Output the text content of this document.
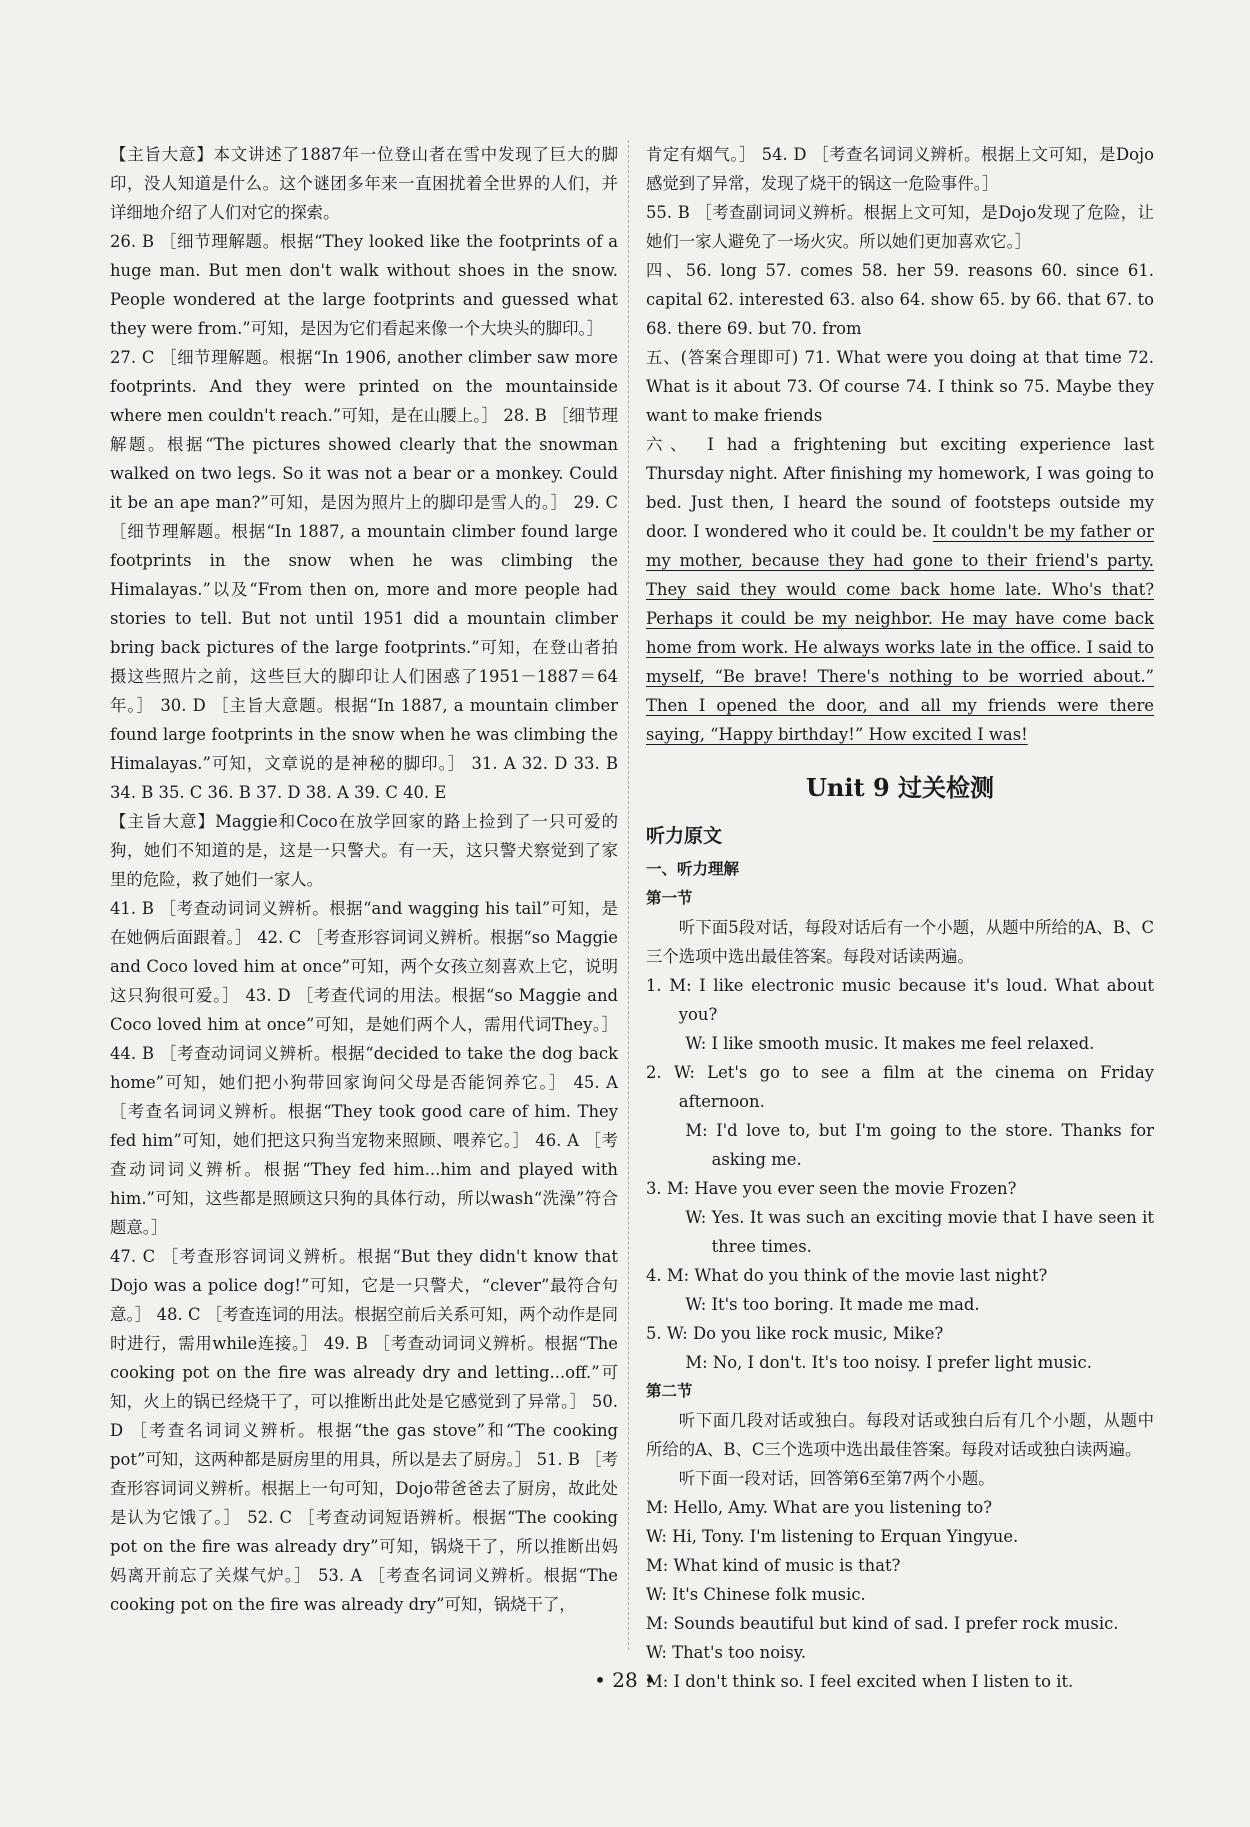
【主旨大意】本文讲述了1887年一位登山者在雪中发现了巨大的脚印，没人知道是什么。这个谜团多年来一直困扰着全世界的人们，并详细地介绍了人们对它的探索。

26. B ［细节理解题。根据“They looked like the footprints of a huge man. But men don't walk without shoes in the snow. People wondered at the large footprints and guessed what they were from.”可知，是因为它们看起来像一个大块头的脚印。］

27. C ［细节理解题。根据“In 1906, another climber saw more footprints. And they were printed on the mountainside where men couldn't reach.”可知，是在山腰上。］ 28. B ［细节理解题。根据“The pictures showed clearly that the snowman walked on two legs. So it was not a bear or a monkey. Could it be an ape man?”可知，是因为照片上的脚印是雪人的。］ 29. C ［细节理解题。根据“In 1887, a mountain climber found large footprints in the snow when he was climbing the Himalayas.”以及“From then on, more and more people had stories to tell. But not until 1951 did a mountain climber bring back pictures of the large footprints.”可知，在登山者拍摄这些照片之前，这些巨大的脚印让人们困惑了1951－1887＝64年。］ 30. D ［主旨大意题。根据“In 1887, a mountain climber found large footprints in the snow when he was climbing the Himalayas.”可知，文章说的是神秘的脚印。］ 31. A 32. D 33. B 34. B 35. C 36. B 37. D 38. A 39. C 40. E

【主旨大意】Maggie和Coco在放学回家的路上捡到了一只可爱的狗，她们不知道的是，这是一只警犬。有一天，这只警犬察觉到了家里的危险，救了她们一家人。

41. B ［考查动词词义辨析。根据“and wagging his tail”可知，是在她俩后面跟着。］ 42. C ［考查形容词词义辨析。根据“so Maggie and Coco loved him at once”可知，两个女孩立刻喜欢上它，说明这只狗很可爱。］ 43. D ［考查代词的用法。根据“so Maggie and Coco loved him at once”可知，是她们两个人，需用代词They。］ 44. B ［考查动词词义辨析。根据“decided to take the dog back home”可知，她们把小狗带回家询问父母是否能饲养它。］ 45. A ［考查名词词义辨析。根据“They took good care of him. They fed him”可知，她们把这只狗当宠物来照顾、喂养它。］ 46. A ［考查动词词义辨析。根据“They fed him...him and played with him.”可知，这些都是照顾这只狗的具体行动，所以wash“洗澡”符合题意。］

47. C ［考查形容词词义辨析。根据“But they didn't know that Dojo was a police dog!”可知，它是一只警犬，“clever”最符合句意。］ 48. C ［考查连词的用法。根据空前后关系可知，两个动作是同时进行，需用while连接。］ 49. B ［考查动词词义辨析。根据“The cooking pot on the fire was already dry and letting...off.”可知，火上的锅已经烧干了，可以推断出此处是它感觉到了异常。］ 50. D ［考查名词词义辨析。根据“the gas stove”和“The cooking pot”可知，这两种都是厨房里的用具，所以是去了厨房。］ 51. B ［考查形容词词义辨析。根据上一句可知，Dojo带爸爸去了厨房，故此处是认为它饿了。］ 52. C ［考查动词短语辨析。根据“The cooking pot on the fire was already dry”可知，锅烧干了，所以推断出妈妈离开前忘了关煤气炉。］ 53. A ［考查名词词义辨析。根据“The cooking pot on the fire was already dry”可知，锅烧干了，

肯定有烟气。］ 54. D ［考查名词词义辨析。根据上文可知，是Dojo感觉到了异常，发现了烧干的锅这一危险事件。］

55. B ［考查副词词义辨析。根据上文可知，是Dojo发现了危险，让她们一家人避免了一场火灾。所以她们更加喜欢它。］

四、56. long 57. comes 58. her 59. reasons 60. since 61. capital 62. interested 63. also 64. show 65. by 66. that 67. to 68. there 69. but 70. from

五、(答案合理即可) 71. What were you doing at that time 72. What is it about 73. Of course 74. I think so 75. Maybe they want to make friends

六、 I had a frightening but exciting experience last Thursday night. After finishing my homework, I was going to bed. Just then, I heard the sound of footsteps outside my door. I wondered who it could be. It couldn't be my father or my mother, because they had gone to their friend's party. They said they would come back home late. Who's that? Perhaps it could be my neighbor. He may have come back home from work. He always works late in the office. I said to myself, “Be brave! There's nothing to be worried about.” Then I opened the door, and all my friends were there saying, “Happy birthday!” How excited I was!

Unit 9 过关检测
听力原文
一、听力理解
第一节

听下面5段对话，每段对话后有一个小题，从题中所给的A、B、C三个选项中选出最佳答案。每段对话读两遍。

1. M: I like electronic music because it's loud. What about you?
W: I like smooth music. It makes me feel relaxed.
2. W: Let's go to see a film at the cinema on Friday afternoon.
M: I'd love to, but I'm going to the store. Thanks for asking me.
3. M: Have you ever seen the movie Frozen?
W: Yes. It was such an exciting movie that I have seen it three times.
4. M: What do you think of the movie last night?
W: It's too boring. It made me mad.
5. W: Do you like rock music, Mike?
M: No, I don't. It's too noisy. I prefer light music.
第二节

听下面几段对话或独白。每段对话或独白后有几个小题，从题中所给的A、B、C三个选项中选出最佳答案。每段对话或独白读两遍。

听下面一段对话，回答第6至第7两个小题。

M: Hello, Amy. What are you listening to?
W: Hi, Tony. I'm listening to Erquan Yingyue.
M: What kind of music is that?
W: It's Chinese folk music.
M: Sounds beautiful but kind of sad. I prefer rock music.
W: That's too noisy.
M: I don't think so. I feel excited when I listen to it.
• 28 •
